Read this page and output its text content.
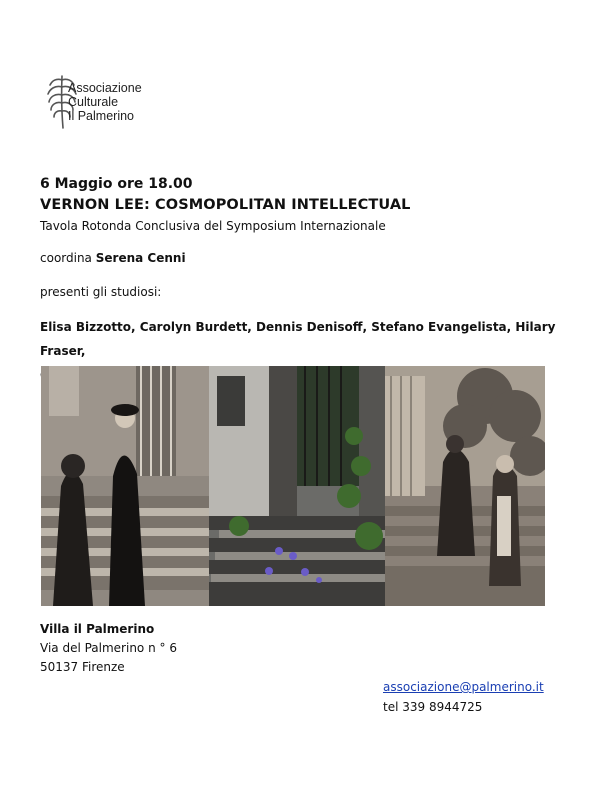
Associazione
Culturale
Il Palmerino
6 Maggio ore 18.00
VERNON LEE: COSMOPOLITAN INTELLECTUAL
Tavola Rotonda Conclusiva del Symposium Internazionale
coordina Serena Cenni
presenti gli studiosi:
Elisa Bizzotto, Carolyn Burdett, Dennis Denisoff, Stefano Evangelista, Hilary Fraser,
Villa il Palmerino
Via del Palmerino n ° 6
50137 Firenze
associazione@palmerino.it
tel 339 8944725
